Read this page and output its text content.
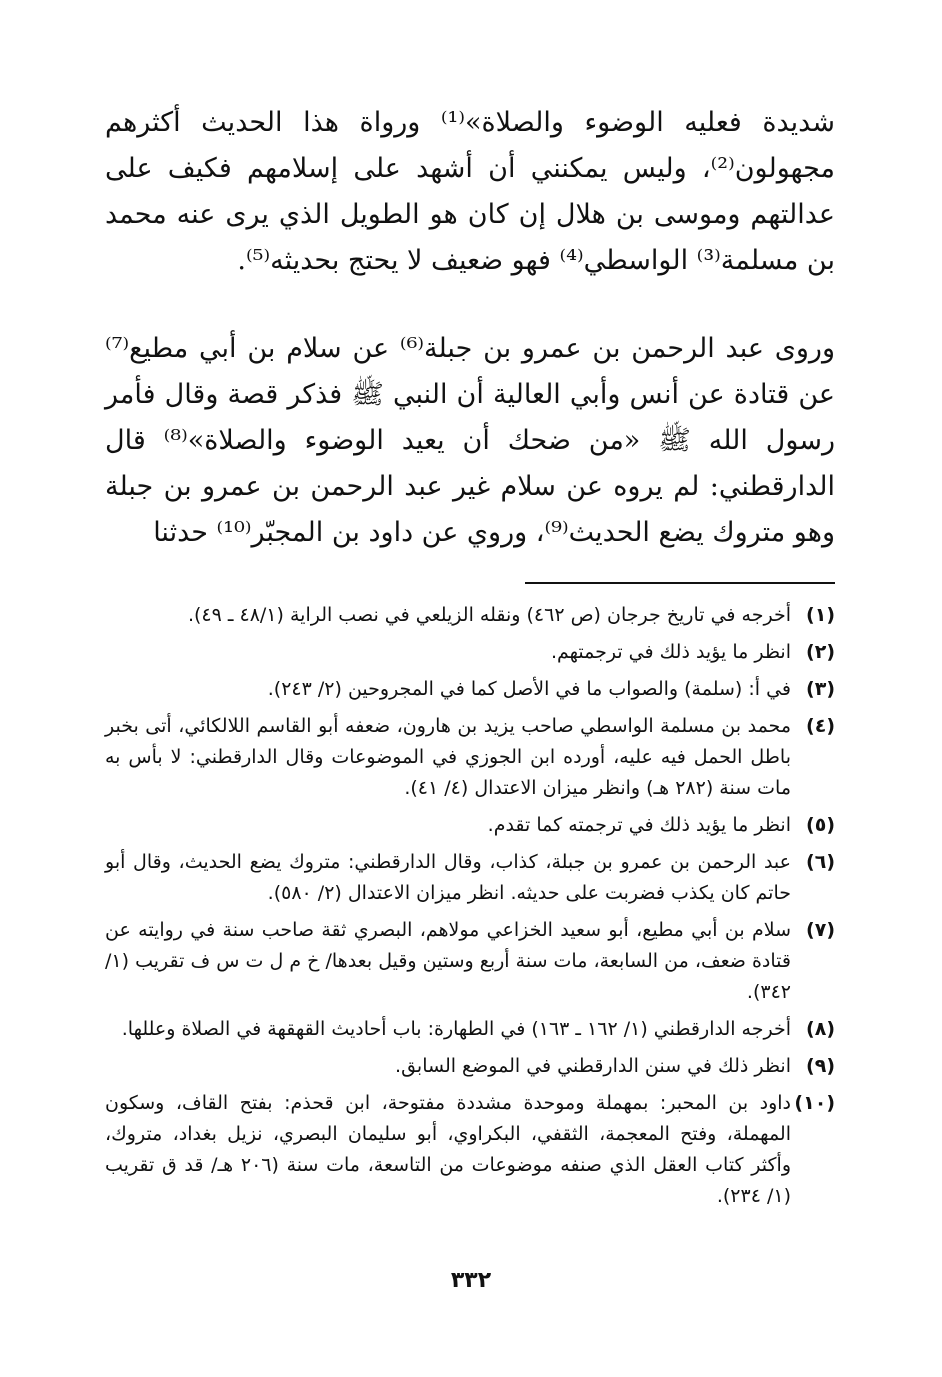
شديدة فعليه الوضوء والصلاة»⁽¹⁾ ورواة هذا الحديث أكثرهم مجهولون⁽²⁾، وليس يمكنني أن أشهد على إسلامهم فكيف على عدالتهم وموسى بن هلال إن كان هو الطويل الذي يرى عنه محمد بن مسلمة⁽³⁾ الواسطي⁽⁴⁾ فهو ضعيف لا يحتج بحديثه⁽⁵⁾.

وروى عبد الرحمن بن عمرو بن جبلة⁽⁶⁾ عن سلام بن أبي مطيع⁽⁷⁾ عن قتادة عن أنس وأبي العالية أن النبي ﷺ فذكر قصة وقال فأمر رسول الله ﷺ «من ضحك أن يعيد الوضوء والصلاة»⁽⁸⁾ قال الدارقطني: لم يروه عن سلام غير عبد الرحمن بن عمرو بن جبلة وهو متروك يضع الحديث⁽⁹⁾، وروي عن داود بن المجبّر⁽¹⁰⁾ حدثنا

(١)
أخرجه في تاريخ جرجان (ص ٤٦٢) ونقله الزيلعي في نصب الراية (٤٨/١ ـ ٤٩).
(٢)
انظر ما يؤيد ذلك في ترجمتهم.
(٣)
في أ: (سلمة) والصواب ما في الأصل كما في المجروحين (٢/ ٢٤٣).
(٤)
محمد بن مسلمة الواسطي صاحب يزيد بن هارون، ضعفه أبو القاسم اللالكائي، أتى بخبر باطل الحمل فيه عليه، أورده ابن الجوزي في الموضوعات وقال الدارقطني: لا بأس به مات سنة (٢٨٢ هـ) وانظر ميزان الاعتدال (٤/ ٤١).
(٥)
انظر ما يؤيد ذلك في ترجمته كما تقدم.
(٦)
عبد الرحمن بن عمرو بن جبلة، كذاب، وقال الدارقطني: متروك يضع الحديث، وقال أبو حاتم كان يكذب فضربت على حديثه. انظر ميزان الاعتدال (٢/ ٥٨٠).
(٧)
سلام بن أبي مطيع، أبو سعيد الخزاعي مولاهم، البصري ثقة صاحب سنة في روايته عن قتادة ضعف، من السابعة، مات سنة أربع وستين وقيل بعدها/ خ م ل ت س ف تقريب (١/ ٣٤٢).
(٨)
أخرجه الدارقطني (١/ ١٦٢ ـ ١٦٣) في الطهارة: باب أحاديث القهقهة في الصلاة وعللها.
(٩)
انظر ذلك في سنن الدارقطني في الموضع السابق.
(١٠)
داود بن المحبر: بمهملة وموحدة مشددة مفتوحة، ابن قحذم: بفتح القاف، وسكون المهملة، وفتح المعجمة، الثقفي، البكراوي، أبو سليمان البصري، نزيل بغداد، متروك، وأكثر كتاب العقل الذي صنفه موضوعات من التاسعة، مات سنة (٢٠٦ هـ/ قد ق تقريب (١/ ٢٣٤).
٣٣٢
